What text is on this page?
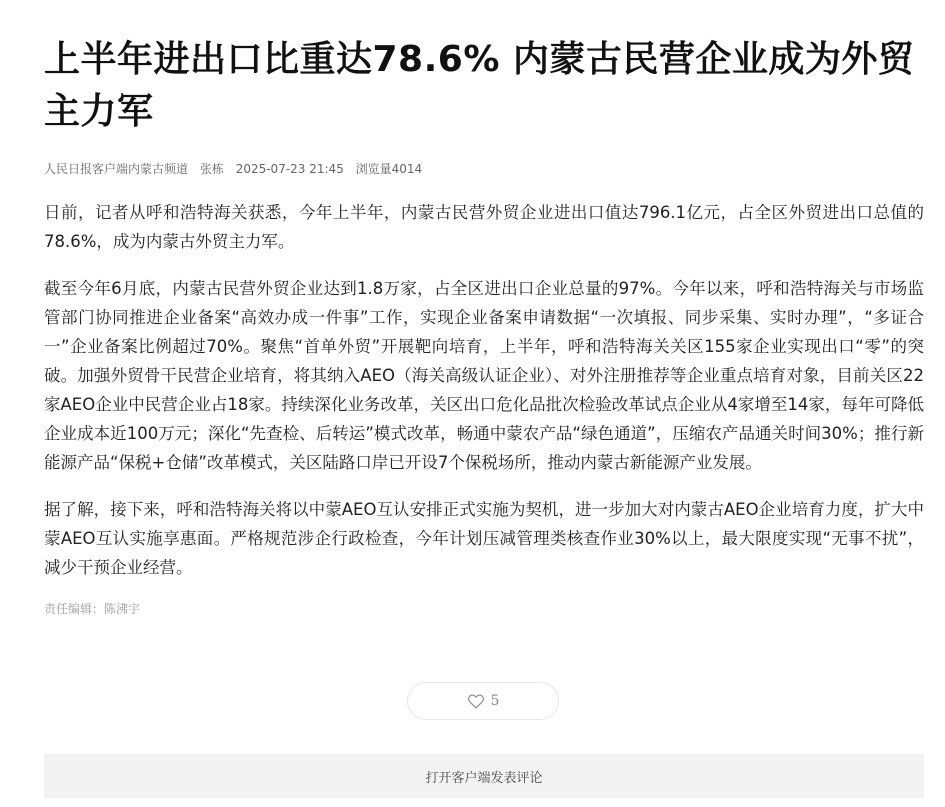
上半年进出口比重达78.6% 内蒙古民营企业成为外贸主力军
人民日报客户端内蒙古频道 张栋 2025-07-23 21:45 浏览量4014

日前，记者从呼和浩特海关获悉，今年上半年，内蒙古民营外贸企业进出口值达796.1亿元，占全区外贸进出口总值的78.6%，成为内蒙古外贸主力军。

截至今年6月底，内蒙古民营外贸企业达到1.8万家，占全区进出口企业总量的97%。今年以来，呼和浩特海关与市场监管部门协同推进企业备案“高效办成一件事”工作，实现企业备案申请数据“一次填报、同步采集、实时办理”，“多证合一”企业备案比例超过70%。聚焦“首单外贸”开展靶向培育，上半年，呼和浩特海关关区155家企业实现出口“零”的突破。加强外贸骨干民营企业培育，将其纳入AEO（海关高级认证企业）、对外注册推荐等企业重点培育对象，目前关区22家AEO企业中民营企业占18家。持续深化业务改革，关区出口危化品批次检验改革试点企业从4家增至14家，每年可降低企业成本近100万元；深化“先查检、后转运”模式改革，畅通中蒙农产品“绿色通道”，压缩农产品通关时间30%；推行新能源产品“保税+仓储”改革模式，关区陆路口岸已开设7个保税场所，推动内蒙古新能源产业发展。

据了解，接下来，呼和浩特海关将以中蒙AEO互认安排正式实施为契机，进一步加大对内蒙古AEO企业培育力度，扩大中蒙AEO互认实施享惠面。严格规范涉企行政检查，今年计划压减管理类核查作业30%以上，最大限度实现“无事不扰”，减少干预企业经营。

责任编辑：陈沸宇
5
打开客户端发表评论
